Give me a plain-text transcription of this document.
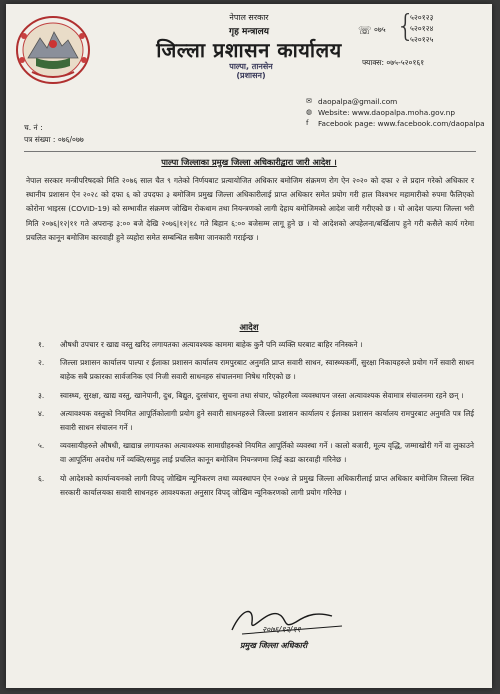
नेपाल सरकार
गृह मन्त्रालय
जिल्ला प्रशासन कार्यालय
☏ ०७५ {
५२०१२३
५२०१२४
५२०१२५
फ्याक्स: ०७५-५२०१६१
पाल्पा, तानसेन
(प्रशासन)
✉ daopalpa@gmail.com
◍ Website: www.daopalpa.moha.gov.np
f	Facebook page: www.facebook.com/daopalpa
च. नं :
पत्र संख्या : ०७६/०७७
पाल्पा जिल्लाका प्रमुख जिल्ला अधिकारीद्वारा जारी आदेश ।
नेपाल सरकार मन्त्रीपरिषदको मिति २०७६ साल चैत ९ गतेको निर्णयबाट प्रत्यायोजित अधिकार बमोजिम संक्रमण रोग ऐन २०२० को दफा २ ले प्रदान गरेको अधिकार र स्थानीय प्रशासन ऐन २०२८ को दफा ६ को उपदफा ३ बमोजिम प्रमुख जिल्ला अधिकारीलाई प्राप्त अधिकार समेत प्रयोग गरी हाल विश्वभर महामारीको रुपमा फैलिएको कोरोना भाइरस (COVID-19) को सम्भावीत संक्रमण जोखिम रोकथाम तथा नियन्त्रणको लागी देहाय बमोजिमको आदेश जारी गरीएको छ । यो आदेश पाल्पा जिल्ला भरी मिति २०७६|१२|११ गते अपरान्ह ३:०० बजे देखि २०७६|१२|१८ गते बिहान ६:०० बजेसम्म लागू हुने छ । यो आदेशको अपहेलना/बर्खिलाप हुने गरी कसैले कार्य गरेमा प्रचलित कानून बमोजिम कारवाही हुने व्यहोरा समेत सम्बन्धित सबैमा जानकारी गराईन्छ ।
आदेश
१.	औषधी उपचार र खाद्य वस्तु खरिद लगायतका अत्यावश्यक काममा बाहेक कुनै पनि व्यक्ति घरबाट बाहिर ननिस्कने ।
२.	जिल्ला प्रशासन कार्यालय पाल्पा र ईलाका प्रशासन कार्यालय रामपुरबाट अनुमति प्राप्त सवारी साधन, स्वास्थ्यकर्मी, सुरक्षा निकायहरुले प्रयोग गर्ने सवारी साधन बाहेक सबै प्रकारका सार्वजनिक एवं निजी सवारी साधनहरु संचालनमा निषेध गरिएको छ ।
३.	स्वास्थ्य, सुरक्षा, खाद्य वस्तु, खानेपानी, दुध, बिद्युत, दुरसंचार, सुचना तथा संचार, फोहरमैला व्यवस्थापन जस्ता अत्यावश्यक सेवामात्र संचालनमा रहने छन् ।
४.	अत्यावश्यक वस्तुको नियमित आपूर्तिकोलागी प्रयोग हुने सवारी साधनहरुले जिल्ला प्रशासन कार्यालय र ईलाका प्रशासन कार्यालय रामपुरबाट अनुमति पत्र लिई सवारी साधन संचालन गर्ने ।
५.	व्यवसायीहरुले औषधी, खाद्यान्न लगायतका अत्यावश्यक सामाग्रीहरुको नियमित आपूर्तिको व्यवस्था गर्ने । कालो बजारी, मूल्य वृद्धि, जम्माखोरी गर्ने वा लुकाउने वा आपूर्तिमा अवरोध गर्ने व्यक्ति/समुह लाई प्रचलित कानून बमोजिम नियन्त्रणमा लिई कडा कारवाही गरिनेछ ।
६.	यो आदेशको कार्यान्वयनको लागी विपद् जोखिम न्यूनिकरण तथा व्यवस्थापन ऐन २०७४ ले प्रमुख जिल्ला अधिकारीलाई प्राप्त अधिकार बमोजिम जिल्ला स्थित सरकारी कार्यालयका सवारी साधनहरु आवश्यकता अनुसार विपद् जोखिम न्यूनिकरणको लागी प्रयोग गरिनेछ ।
२०७६/१२/११
प्रमुख जिल्ला अधिकारी
